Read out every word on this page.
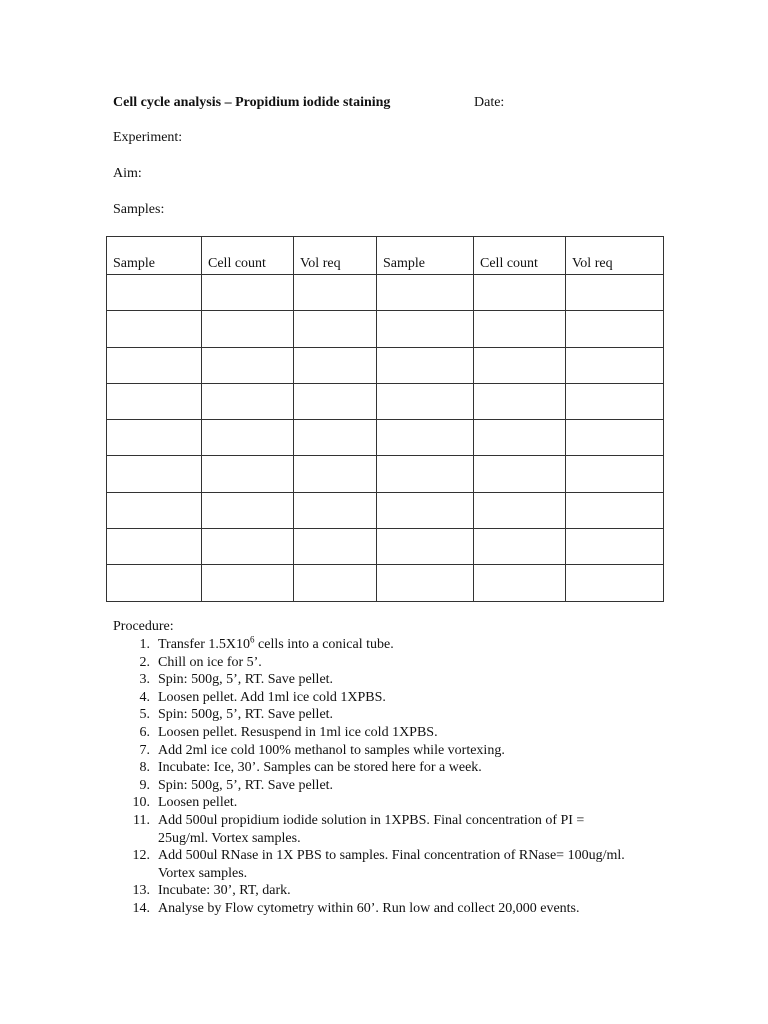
Cell cycle analysis – Propidium iodide staining	Date:
Experiment:
Aim:
Samples:
Sample	Cell count	Vol req	Sample	Cell count	Vol req

Procedure:
1. Transfer $1.5X10^6$ cells into a conical tube.
2. Chill on ice for 5’.
3. Spin: 500g, 5’, RT. Save pellet.
4. Loosen pellet. Add 1ml ice cold 1XPBS.
5. Spin: 500g, 5’, RT. Save pellet.
6. Loosen pellet. Resuspend in 1ml ice cold 1XPBS.
7. Add 2ml ice cold 100% methanol to samples while vortexing.
8. Incubate: Ice, 30’. Samples can be stored here for a week.
9. Spin: 500g, 5’, RT. Save pellet.
10. Loosen pellet.
11. Add 500ul propidium iodide solution in 1XPBS. Final concentration of PI = 25ug/ml. Vortex samples.
12. Add 500ul RNase in 1X PBS to samples. Final concentration of RNase= 100ug/ml. Vortex samples.
13. Incubate: 30’, RT, dark.
14. Analyse by Flow cytometry within 60’. Run low and collect 20,000 events.
